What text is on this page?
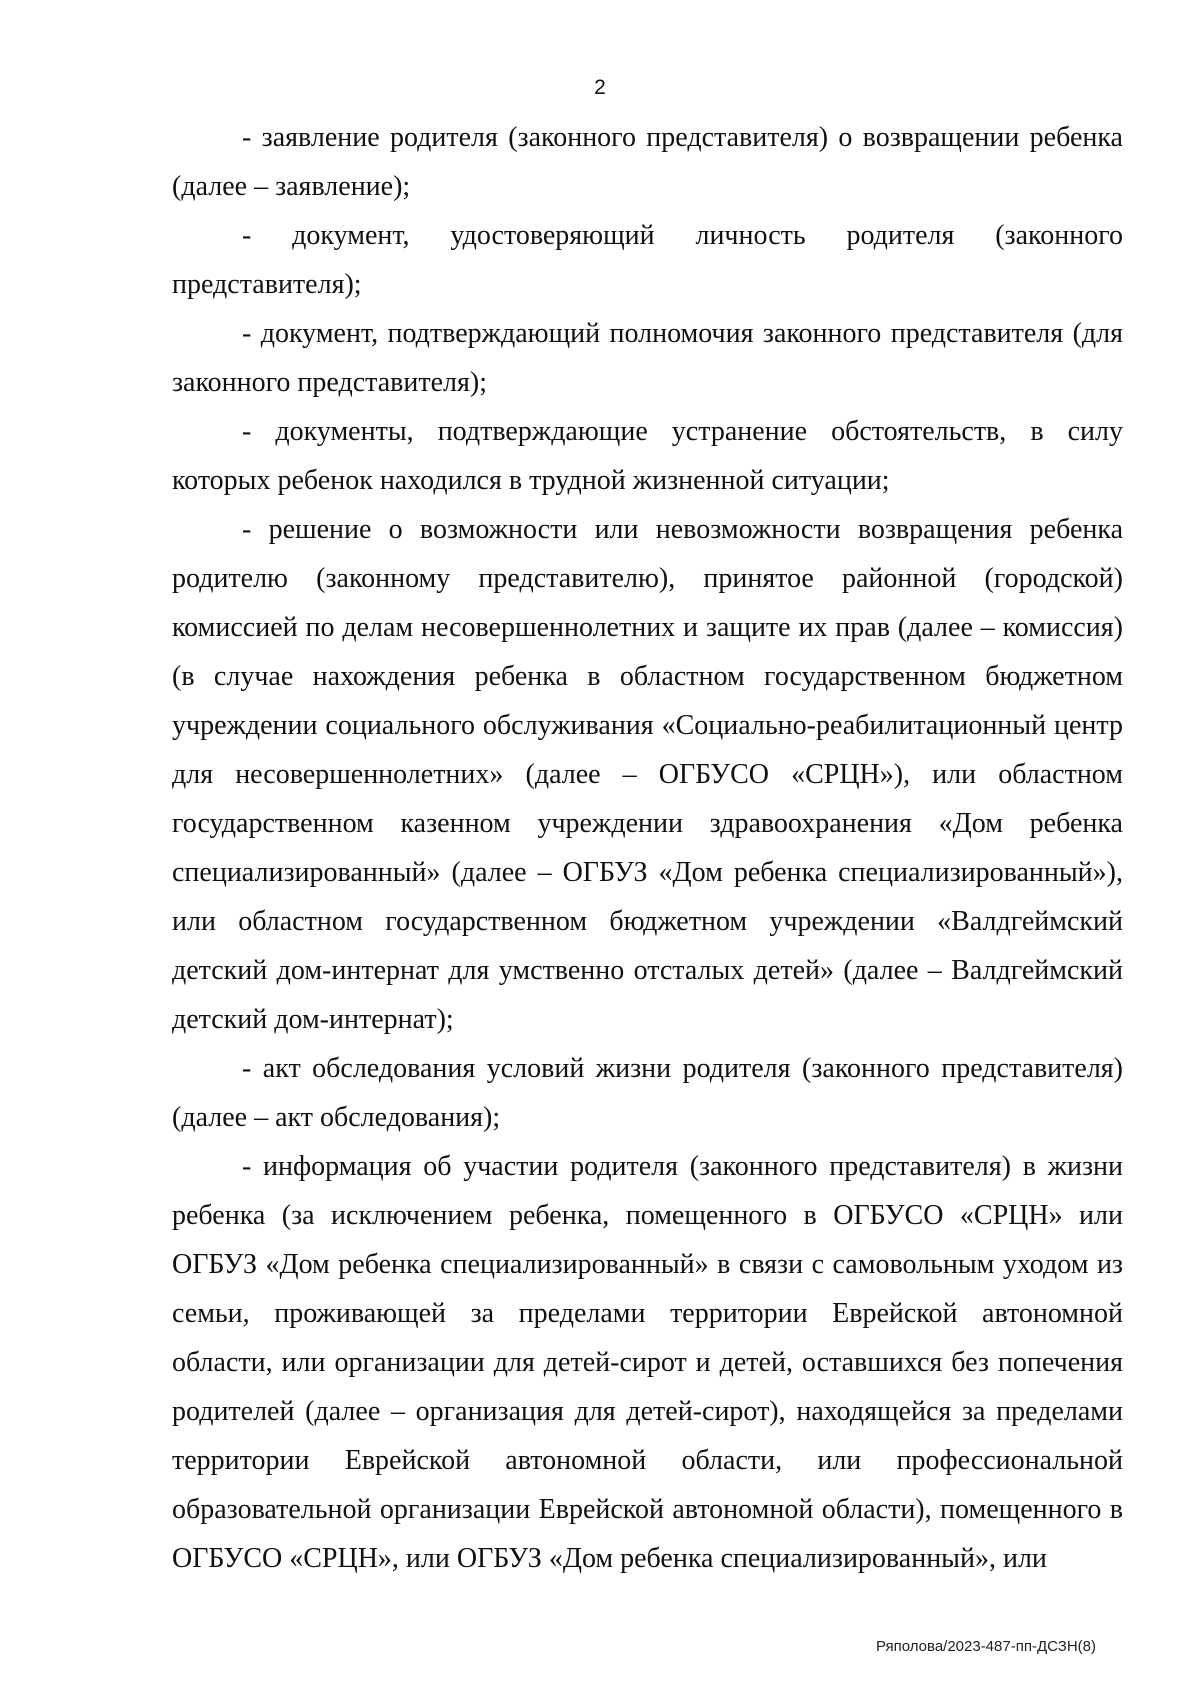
2

- заявление родителя (законного представителя) о возвращении ребенка (далее – заявление);

- документ, удостоверяющий личность родителя (законного представителя);

- документ, подтверждающий полномочия законного представителя (для законного представителя);

- документы, подтверждающие устранение обстоятельств, в силу которых ребенок находился в трудной жизненной ситуации;

- решение о возможности или невозможности возвращения ребенка родителю (законному представителю), принятое районной (городской) комиссией по делам несовершеннолетних и защите их прав (далее – комиссия) (в случае нахождения ребенка в областном государственном бюджетном учреждении социального обслуживания «Социально-реабилитационный центр для несовершеннолетних» (далее – ОГБУСО «СРЦН»), или областном государственном казенном учреждении здравоохранения «Дом ребенка специализированный» (далее – ОГБУЗ «Дом ребенка специализированный»), или областном государственном бюджетном учреждении «Валдгеймский детский дом-интернат для умственно отсталых детей» (далее – Валдгеймский детский дом-интернат);

- акт обследования условий жизни родителя (законного представителя) (далее – акт обследования);

- информация об участии родителя (законного представителя) в жизни ребенка (за исключением ребенка, помещенного в ОГБУСО «СРЦН» или ОГБУЗ «Дом ребенка специализированный» в связи с самовольным уходом из семьи, проживающей за пределами территории Еврейской автономной области, или организации для детей-сирот и детей, оставшихся без попечения родителей (далее – организация для детей-сирот), находящейся за пределами территории Еврейской автономной области, или профессиональной образовательной организации Еврейской автономной области), помещенного в ОГБУСО «СРЦН», или ОГБУЗ «Дом ребенка специализированный», или

Ряполова/2023-487-пп-ДСЗН(8)
